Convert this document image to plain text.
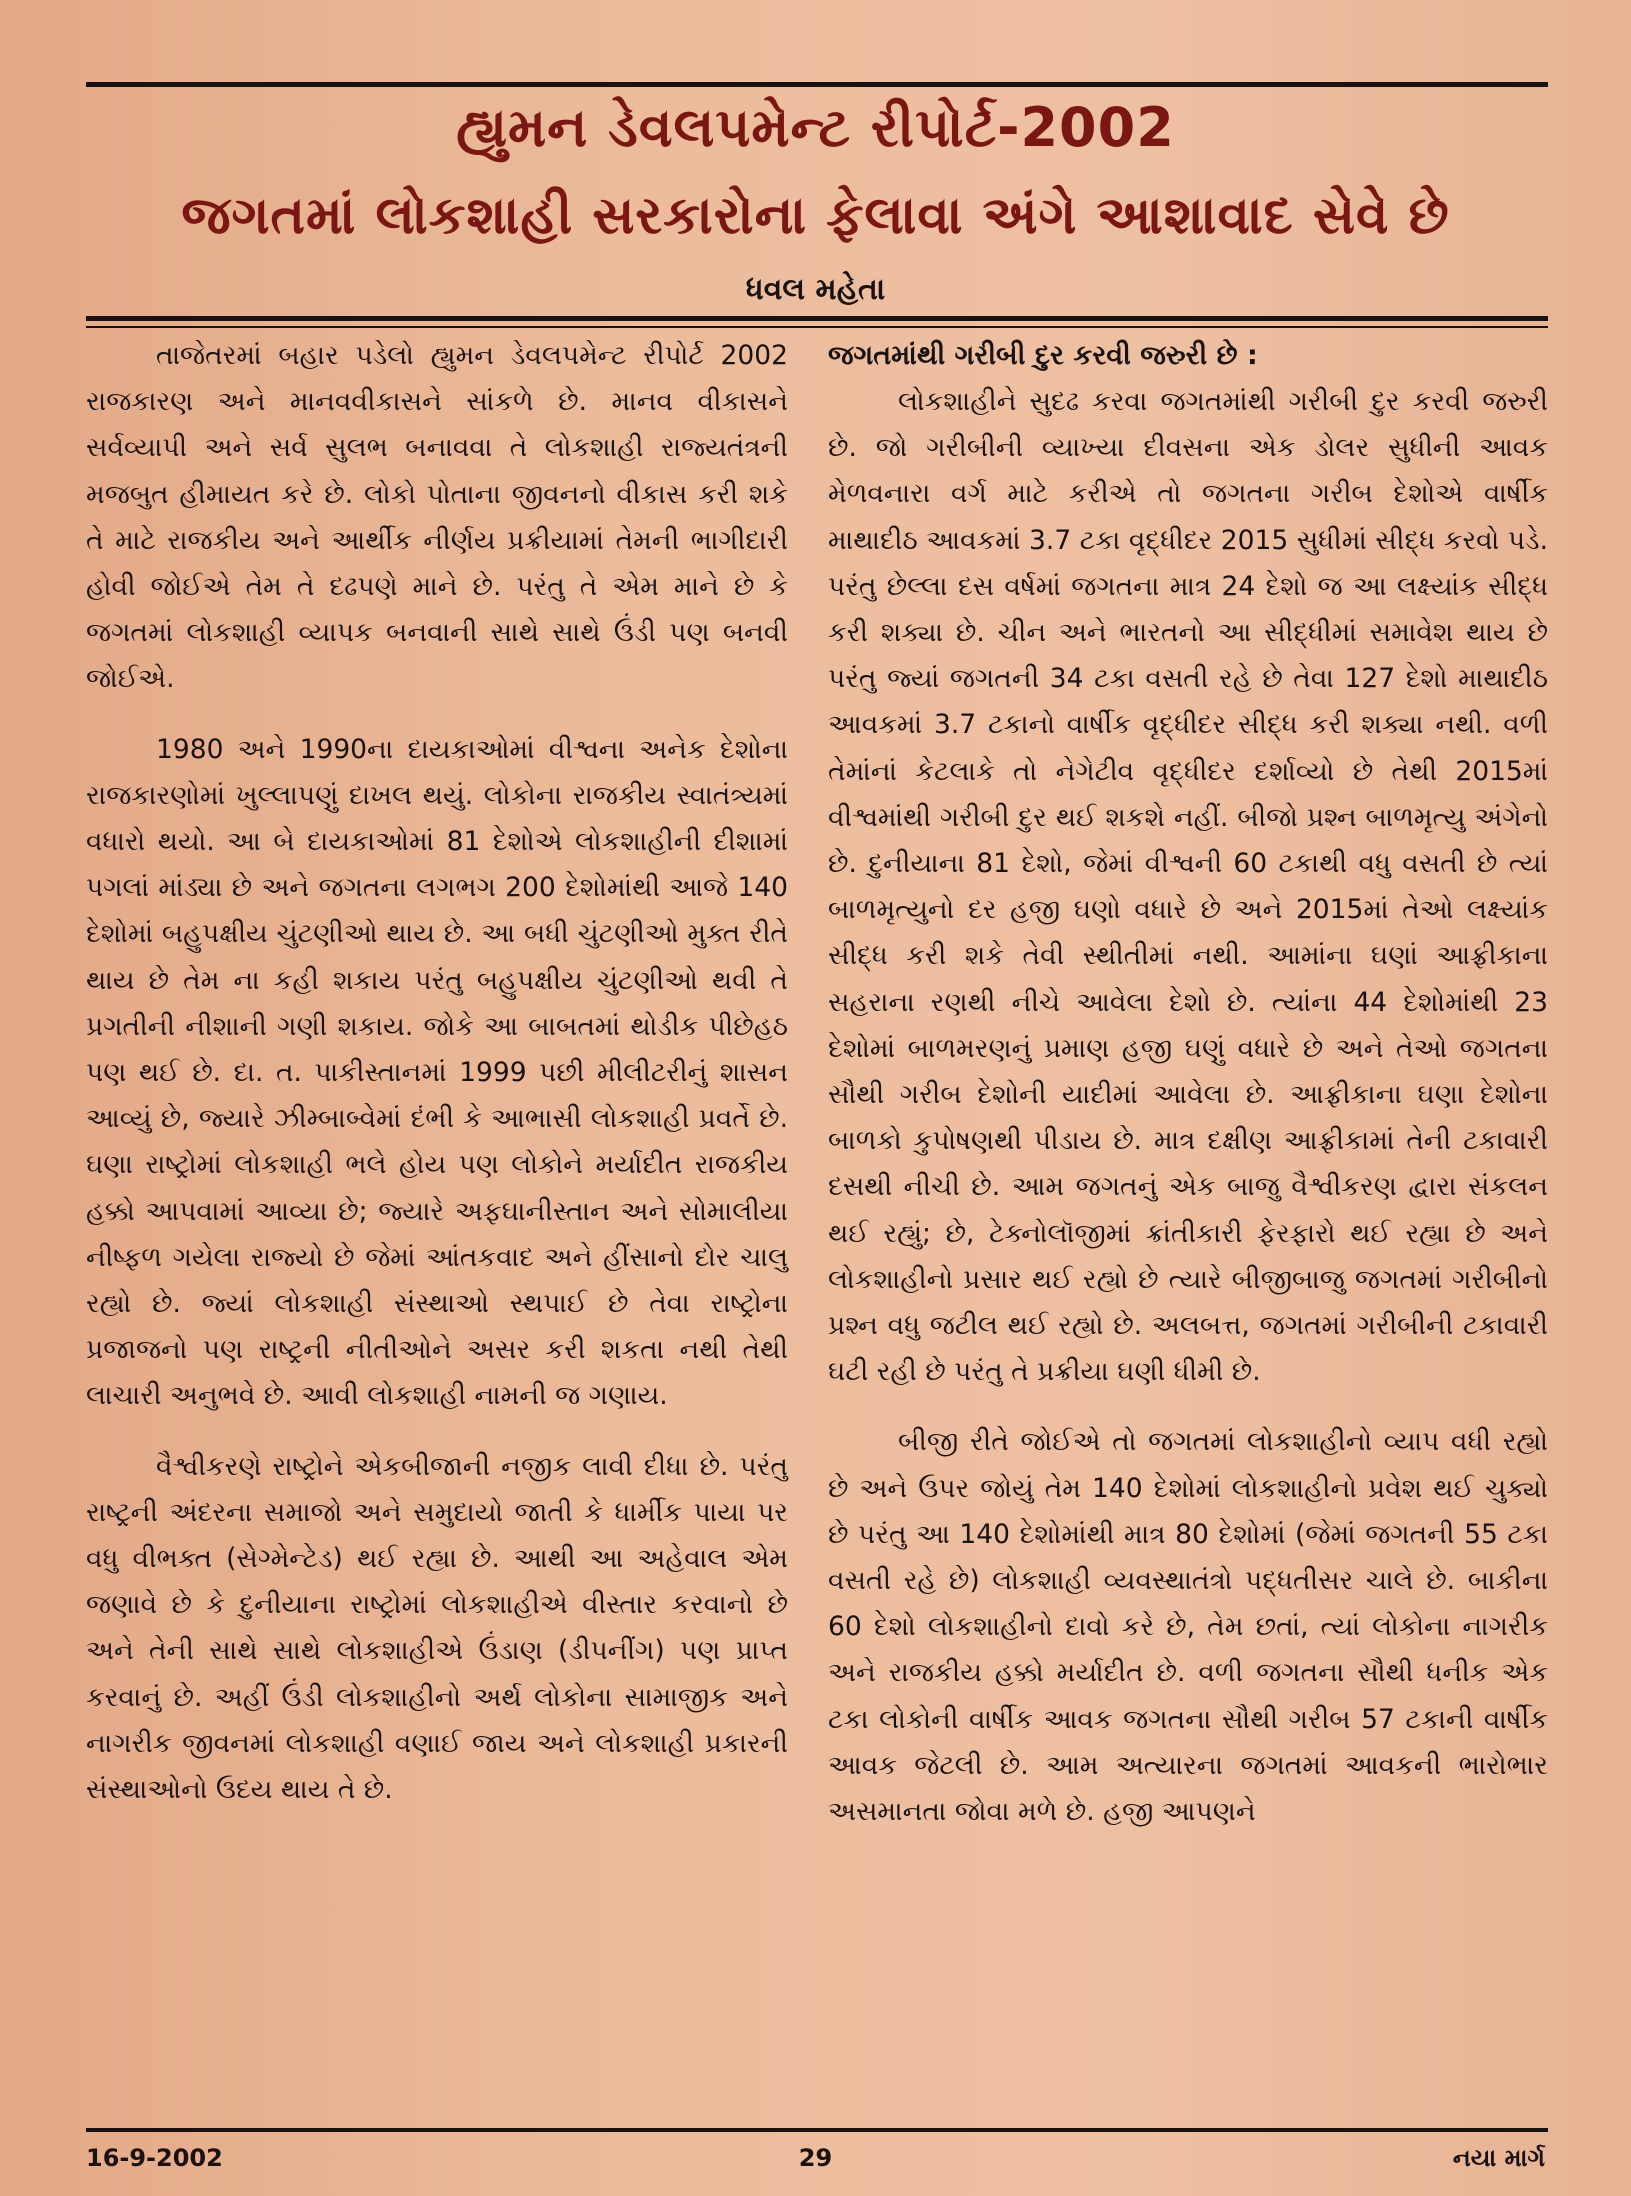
હ્યુમન ડેવલપમેન્ટ રીપોર્ટ-2002
જગતમાં લોકશાહી સરકારોના ફેલાવા અંગે આશાવાદ સેવે છે
ધવલ મહેતા

તાજેતરમાં બહાર પડેલો હ્યુમન ડેવલપમેન્ટ રીપોર્ટ 2002 રાજકારણ અને માનવવીકાસને સાંકળે છે. માનવ વીકાસને સર્વવ્યાપી અને સર્વ સુલભ બનાવવા તે લોકશાહી રાજ્યતંત્રની મજબુત હીમાયત કરે છે. લોકો પોતાના જીવનનો વીકાસ કરી શકે તે માટે રાજકીય અને આર્થીક નીર્ણય પ્રક્રીયામાં તેમની ભાગીદારી હોવી જોઈએ તેમ તે દઢપણે માને છે. પરંતુ તે એમ માને છે કે જગતમાં લોકશાહી વ્યાપક બનવાની સાથે સાથે ઉંડી પણ બનવી જોઈએ.

1980 અને 1990ના દાયકાઓમાં વીશ્વના અનેક દેશોના રાજકારણોમાં ખુલ્લાપણું દાખલ થયું. લોકોના રાજકીય સ્વાતંત્ર્યમાં વધારો થયો. આ બે દાયકાઓમાં 81 દેશોએ લોકશાહીની દીશામાં પગલાં માંડ્યા છે અને જગતના લગભગ 200 દેશોમાંથી આજે 140 દેશોમાં બહુપક્ષીય ચુંટણીઓ થાય છે. આ બધી ચુંટણીઓ મુક્ત રીતે થાય છે તેમ ના કહી શકાય પરંતુ બહુપક્ષીય ચુંટણીઓ થવી તે પ્રગતીની નીશાની ગણી શકાય. જોકે આ બાબતમાં થોડીક પીછેહઠ પણ થઈ છે. દા. ત. પાકીસ્તાનમાં 1999 પછી મીલીટરીનું શાસન આવ્યું છે, જ્યારે ઝીમ્બાબ્વેમાં દંભી કે આભાસી લોકશાહી પ્રવર્તે છે. ઘણા રાષ્ટ્રોમાં લોકશાહી ભલે હોય પણ લોકોને મર્યાદીત રાજકીય હક્કો આપવામાં આવ્યા છે; જ્યારે અફઘાનીસ્તાન અને સોમાલીયા નીષ્ફળ ગયેલા રાજ્યો છે જેમાં આંતકવાદ અને હીંસાનો દોર ચાલુ રહ્યો છે. જ્યાં લોકશાહી સંસ્થાઓ સ્થપાઈ છે તેવા રાષ્ટ્રોના પ્રજાજનો પણ રાષ્ટ્રની નીતીઓને અસર કરી શકતા નથી તેથી લાચારી અનુભવે છે. આવી લોકશાહી નામની જ ગણાય.

વૈશ્વીકરણે રાષ્ટ્રોને એકબીજાની નજીક લાવી દીધા છે. પરંતુ રાષ્ટ્રની અંદરના સમાજો અને સમુદાયો જાતી કે ધાર્મીક પાયા પર વધુ વીભક્ત (સેગ્મેન્ટેડ) થઈ રહ્યા છે. આથી આ અહેવાલ એમ જણાવે છે કે દુનીયાના રાષ્ટ્રોમાં લોકશાહીએ વીસ્તાર કરવાનો છે અને તેની સાથે સાથે લોકશાહીએ ઉંડાણ (ડીપનીંગ) પણ પ્રાપ્ત કરવાનું છે. અહીં ઉંડી લોકશાહીનો અર્થ લોકોના સામાજીક અને નાગરીક જીવનમાં લોકશાહી વણાઈ જાય અને લોકશાહી પ્રકારની સંસ્થાઓનો ઉદય થાય તે છે.

જગતમાંથી ગરીબી દુર કરવી જરુરી છે :

લોકશાહીને સુદઢ કરવા જગતમાંથી ગરીબી દુર કરવી જરુરી છે. જો ગરીબીની વ્યાખ્યા દીવસના એક ડોલર સુધીની આવક મેળવનારા વર્ગ માટે કરીએ તો જગતના ગરીબ દેશોએ વાર્ષીક માથાદીઠ આવકમાં 3.7 ટકા વૃદ્ધીદર 2015 સુધીમાં સીદ્ધ કરવો પડે. પરંતુ છેલ્લા દસ વર્ષમાં જગતના માત્ર 24 દેશો જ આ લક્ષ્યાંક સીદ્ધ કરી શક્યા છે. ચીન અને ભારતનો આ સીદ્ધીમાં સમાવેશ થાય છે પરંતુ જ્યાં જગતની 34 ટકા વસતી રહે છે તેવા 127 દેશો માથાદીઠ આવકમાં 3.7 ટકાનો વાર્ષીક વૃદ્ધીદર સીદ્ધ કરી શક્યા નથી. વળી તેમાંનાં કેટલાકે તો નેગેટીવ વૃદ્ધીદર દર્શાવ્યો છે તેથી 2015માં વીશ્વમાંથી ગરીબી દુર થઈ શકશે નહીં. બીજો પ્રશ્ન બાળમૃત્યુ અંગેનો છે. દુનીયાના 81 દેશો, જેમાં વીશ્વની 60 ટકાથી વધુ વસતી છે ત્યાં બાળમૃત્યુનો દર હજી ઘણો વધારે છે અને 2015માં તેઓ લક્ષ્યાંક સીદ્ધ કરી શકે તેવી સ્થીતીમાં નથી. આમાંના ઘણાં આફ્રીકાના સહરાના રણથી નીચે આવેલા દેશો છે. ત્યાંના 44 દેશોમાંથી 23 દેશોમાં બાળમરણનું પ્રમાણ હજી ઘણું વધારે છે અને તેઓ જગતના સૌથી ગરીબ દેશોની યાદીમાં આવેલા છે. આફ્રીકાના ઘણા દેશોના બાળકો કુપોષણથી પીડાય છે. માત્ર દક્ષીણ આફ્રીકામાં તેની ટકાવારી દસથી નીચી છે. આમ જગતનું એક બાજુ વૈશ્વીકરણ દ્વારા સંકલન થઈ રહ્યું; છે, ટેક્નોલૉજીમાં ક્રાંતીકારી ફેરફારો થઈ રહ્યા છે અને લોકશાહીનો પ્રસાર થઈ રહ્યો છે ત્યારે બીજીબાજુ જગતમાં ગરીબીનો પ્રશ્ન વધુ જટીલ થઈ રહ્યો છે. અલબત્ત, જગતમાં ગરીબીની ટકાવારી ઘટી રહી છે પરંતુ તે પ્રક્રીયા ઘણી ધીમી છે.

બીજી રીતે જોઈએ તો જગતમાં લોકશાહીનો વ્યાપ વધી રહ્યો છે અને ઉપર જોયું તેમ 140 દેશોમાં લોકશાહીનો પ્રવેશ થઈ ચુક્યો છે પરંતુ આ 140 દેશોમાંથી માત્ર 80 દેશોમાં (જેમાં જગતની 55 ટકા વસતી રહે છે) લોકશાહી વ્યવસ્થાતંત્રો પદ્ધતીસર ચાલે છે. બાકીના 60 દેશો લોકશાહીનો દાવો કરે છે, તેમ છતાં, ત્યાં લોકોના નાગરીક અને રાજકીય હક્કો મર્યાદીત છે. વળી જગતના સૌથી ધનીક એક ટકા લોકોની વાર્ષીક આવક જગતના સૌથી ગરીબ 57 ટકાની વાર્ષીક આવક જેટલી છે. આમ અત્યારના જગતમાં આવકની ભારોભાર અસમાનતા જોવા મળે છે. હજી આપણને

16-9-2002	29	નયા માર્ગ
